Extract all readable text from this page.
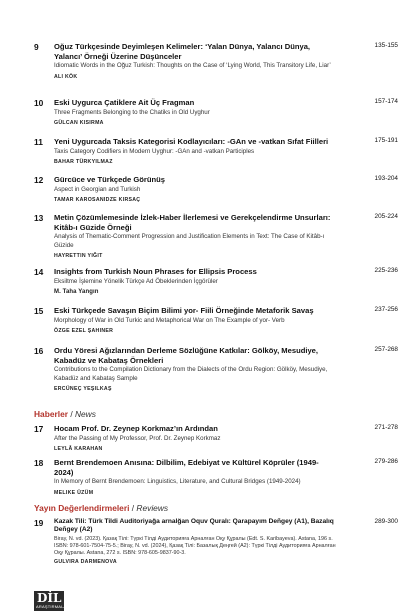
9	Oğuz Türkçesinde Deyimleşen Kelimeler: ‘Yalan Dünya, Yalancı Dünya, Yalancı’ Örneği Üzerine Düşünceler
Idiomatic Words in the Oğuz Turkish: Thoughts on the Case of ‘Lying World, This Transitory Life, Liar’
ALI KÖK
135-155
10	Eski Uygurca Çatiklere Ait Üç Fragman
Three Fragments Belonging to the Chatiks in Old Uyghur
GÜLCAN KISIRMA
157-174
11	Yeni Uygurcada Taksis Kategorisi Kodlayıcıları: -GAn ve -vatkan Sıfat Fiilleri
Taxis Category Codifiers in Modern Uyghur: -GAn and -vatkan Participles
BAHAR TÜRKYILMAZ
175-191
12	Gürcüce ve Türkçede Görünüş
Aspect in Georgian and Turkish
TAMAR KAROSANIDZE KIRSAÇ
193-204
13	Metin Çözümlemesinde İzlek-Haber İlerlemesi ve Gerekçelendirme Unsurları: Kitâb-ı Güzide Örneği
Analysis of Thematic-Comment Progression and Justification Elements in Text: The Case of Kitâb-ı Güzide
HAYRETTIN YIĞIT
205-224
14	Insights from Turkish Noun Phrases for Ellipsis Process
Eksiltme İşlemine Yönelik Türkçe Ad Öbeklerinden İçgörüler
M. Taha Yangın
225-236
15	Eski Türkçede Savaşın Biçim Bilimi yor- Fiili Örneğinde Metaforik Savaş
Morphology of War in Old Turkic and Metaphorical War on The Example of yor- Verb
ÖZGE EZEL ŞAHINER
237-256
16	Ordu Yöresi Ağızlarından Derleme Sözlüğüne Katkılar: Gölköy, Mesudiye, Kabadüz ve Kabataş Örnekleri
Contributions to the Compilation Dictionary from the Dialects of the Ordu Region: Gölköy, Mesudiye, Kabadüz and Kabataş Sample
ERCÜNEÇ YEŞILKAŞ
257-268
Haberler / News
17	Hocam Prof. Dr. Zeynep Korkmaz’ın Ardından
After the Passing of My Professor, Prof. Dr. Zeynep Korkmaz
LEYLÂ KARAHAN
271-278
18	Bernt Brendemoen Anısına: Dilbilim, Edebiyat ve Kültürel Köprüler (1949-2024)
In Memory of Bernt Brendemoen: Linguistics, Literature, and Cultural Bridges (1949-2024)
MELIKE ÜZÜM
279-286
Yayın Değerlendirmeleri / Reviews
19	Kazak Tili: Türk Tildi Auditoriyağa arnalğan Oquv Quralı: Qarapayım Deñgey (A1), Bazalıq Deñgey (A2)
Biray, N. vd. (2023). Қазақ Тілі: Түркі Тілді Аудиторияға Арналған Оқу Құралы (Edt. S. Karibayeva). Astana, 196 s. ISBN: 978-601-7504-75-5.; Biray, N. vd. (2024), Қазақ Тілі: Базалық Деңгей (А2): Түркі Тілді Аудиторияға Арналған Оқу Құралы. Astana, 272 s. ISBN: 978-605-9837-90-3.
GULVIRA DARMENOVA
289-300
DİL
ARAŞTIRMALARI
